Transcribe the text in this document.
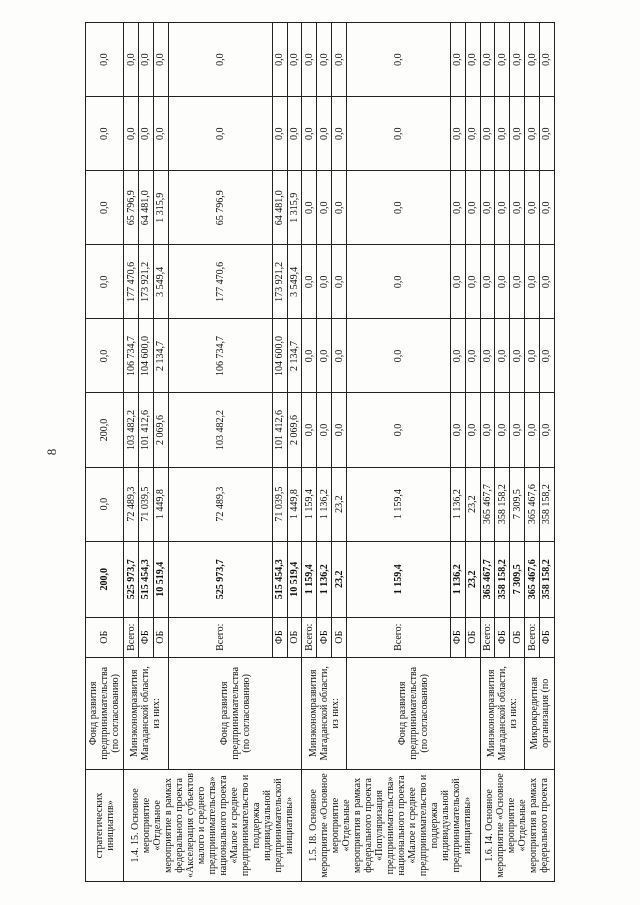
8
стратегических инициатив»	Фонд развития предпринимательства (по согласованию)	ОБ	200,0	0,0	200,0	0,0	0,0	0,0	0,0	0,0
1.4. 15. Основное мероприятие «Отдельное мероприятие в рамках федерального проекта «Акселерация субъектов малого и среднего предпринимательства» национального проекта «Малое и среднее предпринимательство и поддержка индивидуальной предпринимательской инициативы»	Минэкономразвития Магаданской области, из них:	Всего:	525 973,7	72 489,3	103 482,2	106 734,7	177 470,6	65 796,9	0,0	0,0
		ФБ	515 454,3	71 039,5	101 412,6	104 600,0	173 921,2	64 481,0	0,0	0,0
		ОБ	10 519,4	1 449,8	2 069,6	2 134,7	3 549,4	1 315,9	0,0	0,0
	Фонд развития предпринимательства (по согласованию)	Всего:	525 973,7	72 489,3	103 482,2	106 734,7	177 470,6	65 796,9	0,0	0,0
		ФБ	515 454,3	71 039,5	101 412,6	104 600,0	173 921,2	64 481,0	0,0	0,0
		ОБ	10 519,4	1 449,8	2 069,6	2 134,7	3 549,4	1 315,9	0,0	0,0
1.5. I8. Основное мероприятие «Основное мероприятие «Отдельные мероприятия в рамках федерального проекта «Популяризация предпринимательства» национального проекта «Малое и среднее предпринимательство и поддержка индивидуальной предпринимательской инициативы»	Минэкономразвития Магаданской области, из них:	Всего:	1 159,4	1 159,4	0,0	0,0	0,0	0,0	0,0	0,0
		ФБ	1 136,2	1 136,2	0,0	0,0	0,0	0,0	0,0	0,0
		ОБ	23,2	23,2	0,0	0,0	0,0	0,0	0,0	0,0
	Фонд развития предпринимательства (по согласованию)	Всего:	1 159,4	1 159,4	0,0	0,0	0,0	0,0	0,0	0,0
		ФБ	1 136,2	1 136,2	0,0	0,0	0,0	0,0	0,0	0,0
		ОБ	23,2	23,2	0,0	0,0	0,0	0,0	0,0	0,0
1.6. I4. Основное мероприятие «Основное мероприятие «Отдельные мероприятия в рамках федерального проекта	Минэкономразвития Магаданской области, из них:	Всего:	365 467,7	365 467,7	0,0	0,0	0,0	0,0	0,0	0,0
		ФБ	358 158,2	358 158,2	0,0	0,0	0,0	0,0	0,0	0,0
		ОБ	7 309,5	7 309,5	0,0	0,0	0,0	0,0	0,0	0,0
	Микрокредитная организация (по	Всего:	365 467,6	365 467,6	0,0	0,0	0,0	0,0	0,0	0,0
		ФБ	358 158,2	358 158,2	0,0	0,0	0,0	0,0	0,0	0,0
